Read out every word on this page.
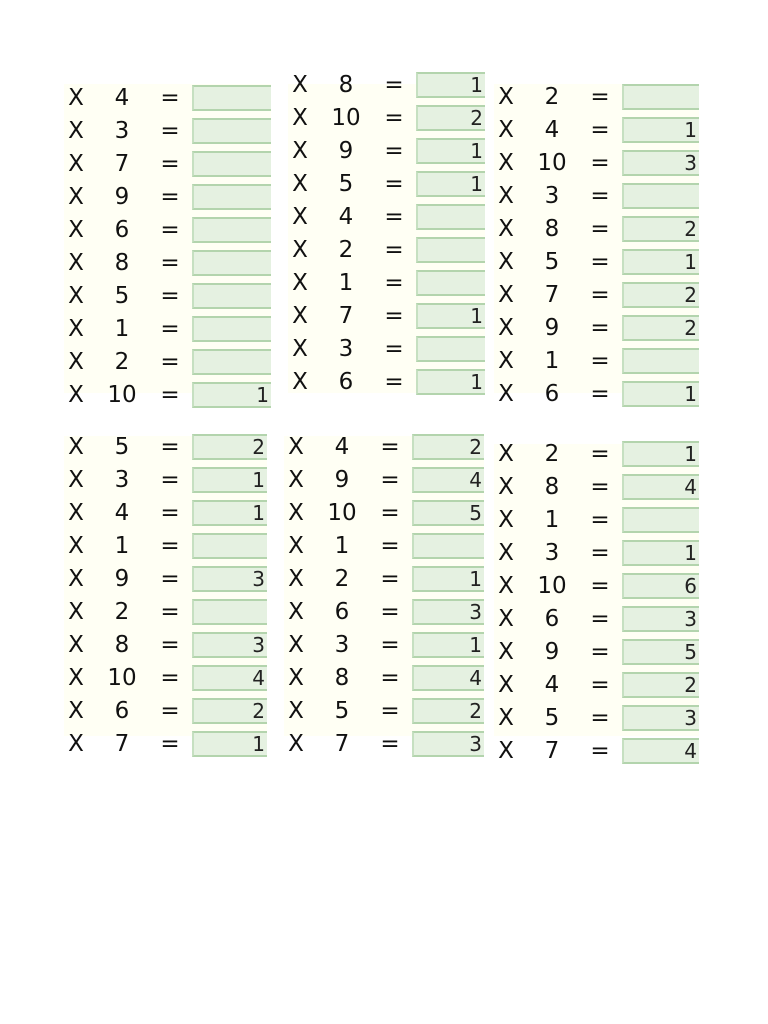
X	4	=
X	3	=
X	7	=
X	9	=
X	6	=
X	8	=
X	5	=
X	1	=
X	2	=
X	10	=	1
X	8	=	1
X	10	=	2
X	9	=	1
X	5	=	1
X	4	=
X	2	=
X	1	=
X	7	=	1
X	3	=
X	6	=	1
X	2	=
X	4	=	1
X	10	=	3
X	3	=
X	8	=	2
X	5	=	1
X	7	=	2
X	9	=	2
X	1	=
X	6	=	1
X	5	=	2
X	3	=	1
X	4	=	1
X	1	=
X	9	=	3
X	2	=
X	8	=	3
X	10	=	4
X	6	=	2
X	7	=	1
X	4	=	2
X	9	=	4
X	10	=	5
X	1	=
X	2	=	1
X	6	=	3
X	3	=	1
X	8	=	4
X	5	=	2
X	7	=	3
X	2	=	1
X	8	=	4
X	1	=
X	3	=	1
X	10	=	6
X	6	=	3
X	9	=	5
X	4	=	2
X	5	=	3
X	7	=	4
